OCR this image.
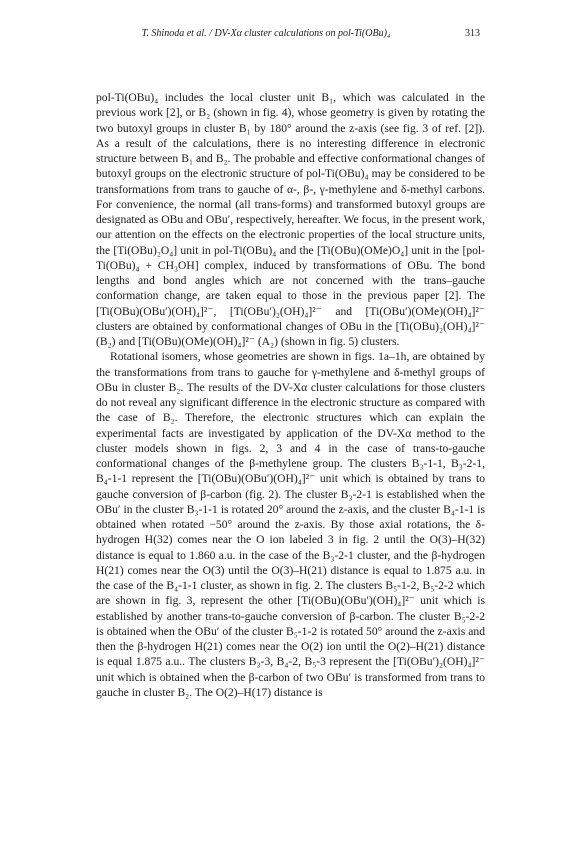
T. Shinoda et al. / DV-Xα cluster calculations on pol-Ti(OBu)₄	313

pol-Ti(OBu)₄ includes the local cluster unit B₁, which was calculated in the previous work [2], or B₂ (shown in fig. 4), whose geometry is given by rotating the two butoxyl groups in cluster B₁ by 180° around the z-axis (see fig. 3 of ref. [2]). As a result of the calculations, there is no interesting difference in electronic structure between B₁ and B₂. The probable and effective conformational changes of butoxyl groups on the electronic structure of pol-Ti(OBu)₄ may be considered to be transformations from trans to gauche of α-, β-, γ-methylene and δ-methyl carbons. For convenience, the normal (all trans-forms) and transformed butoxyl groups are designated as OBu and OBu′, respectively, hereafter. We focus, in the present work, our attention on the effects on the electronic properties of the local structure units, the [Ti(OBu)₂O₄] unit in pol-Ti(OBu)₄ and the [Ti(OBu)(OMe)O₄] unit in the [pol-Ti(OBu)₄ + CH₃OH] complex, induced by transformations of OBu. The bond lengths and bond angles which are not concerned with the trans–gauche conformation change, are taken equal to those in the previous paper [2]. The [Ti(OBu)(OBu′)(OH)₄]²⁻, [Ti(OBu′)₂(OH)₄]²⁻ and [Ti(OBu′)(OMe)(OH)₄]²⁻ clusters are obtained by conformational changes of OBu in the [Ti(OBu)₂(OH)₄]²⁻ (B₂) and [Ti(OBu)(OMe)(OH)₄]²⁻ (A₂) (shown in fig. 5) clusters.

Rotational isomers, whose geometries are shown in figs. 1a–1h, are obtained by the transformations from trans to gauche for γ-methylene and δ-methyl groups of OBu in cluster B₂. The results of the DV-Xα cluster calculations for those clusters do not reveal any significant difference in the electronic structure as compared with the case of B₂. Therefore, the electronic structures which can explain the experimental facts are investigated by application of the DV-Xα method to the cluster models shown in figs. 2, 3 and 4 in the case of trans-to-gauche conformational changes of the β-methylene group. The clusters B₃-1-1, B₃-2-1, B₄-1-1 represent the [Ti(OBu)(OBu′)(OH)₄]²⁻ unit which is obtained by trans to gauche conversion of β-carbon (fig. 2). The cluster B₃-2-1 is established when the OBu′ in the cluster B₃-1-1 is rotated 20° around the z-axis, and the cluster B₄-1-1 is obtained when rotated −50° around the z-axis. By those axial rotations, the δ-hydrogen H(32) comes near the O ion labeled 3 in fig. 2 until the O(3)–H(32) distance is equal to 1.860 a.u. in the case of the B₃-2-1 cluster, and the β-hydrogen H(21) comes near the O(3) until the O(3)–H(21) distance is equal to 1.875 a.u. in the case of the B₄-1-1 cluster, as shown in fig. 2. The clusters B₅-1-2, B₅-2-2 which are shown in fig. 3, represent the other [Ti(OBu)(OBu′)(OH)₄]²⁻ unit which is established by another trans-to-gauche conversion of β-carbon. The cluster B₅-2-2 is obtained when the OBu′ of the cluster B₅-1-2 is rotated 50° around the z-axis and then the β-hydrogen H(21) comes near the O(2) ion until the O(2)–H(21) distance is equal 1.875 a.u.. The clusters B₃-3, B₄-2, B₅-3 represent the [Ti(OBu′)₂(OH)₄]²⁻ unit which is obtained when the β-carbon of two OBu′ is transformed from trans to gauche in cluster B₂. The O(2)–H(17) distance is
